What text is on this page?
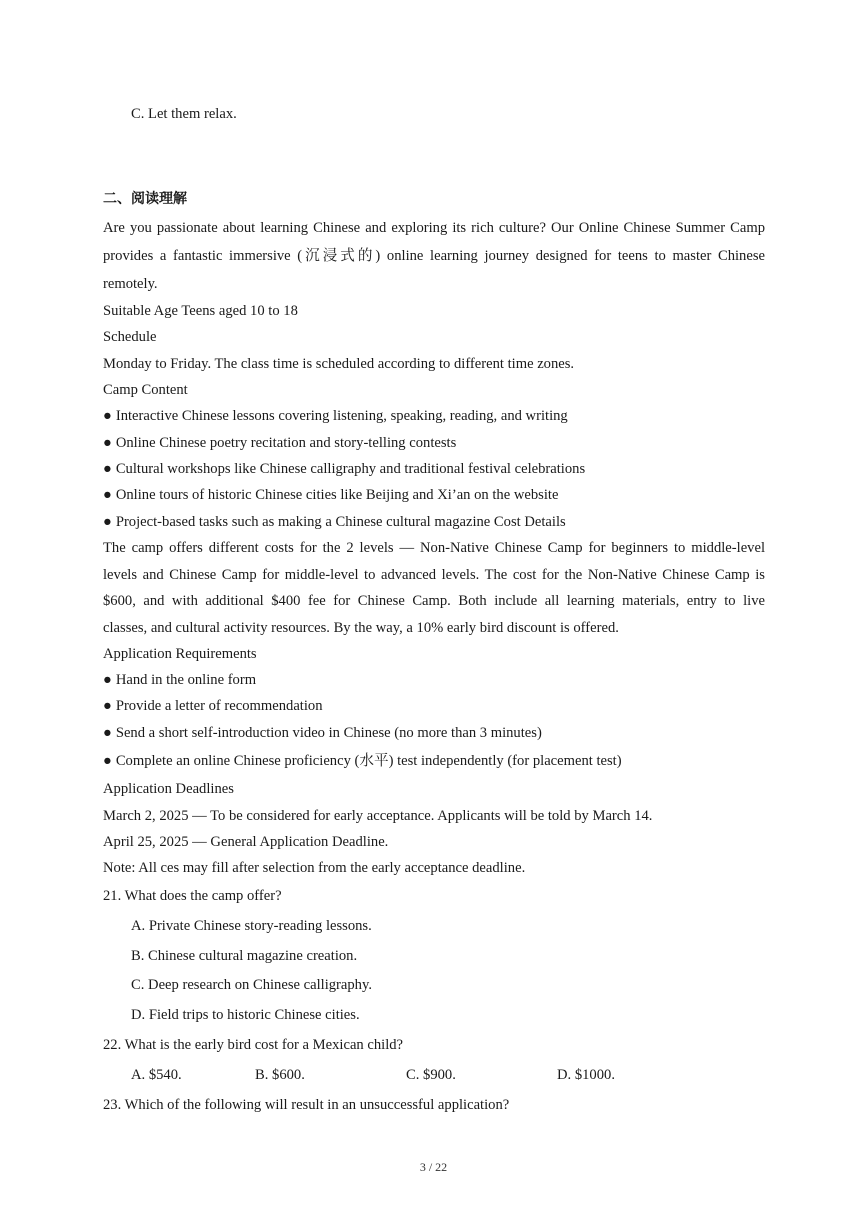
C. Let them relax.
二、阅读理解
Are you passionate about learning Chinese and exploring its rich culture? Our Online Chinese Summer Camp
provides a fantastic immersive (沉浸式的) online learning journey designed for teens to master Chinese
remotely.
Suitable Age Teens aged 10 to 18
Schedule
Monday to Friday. The class time is scheduled according to different time zones.
Camp Content
● Interactive Chinese lessons covering listening, speaking, reading, and writing
● Online Chinese poetry recitation and story-telling contests
● Cultural workshops like Chinese calligraphy and traditional festival celebrations
● Online tours of historic Chinese cities like Beijing and Xi’an on the website
● Project-based tasks such as making a Chinese cultural magazine Cost Details
The camp offers different costs for the 2 levels — Non-Native Chinese Camp for beginners to middle-level
levels and Chinese Camp for middle-level to advanced levels. The cost for the Non-Native Chinese Camp is
$600, and with additional $400 fee for Chinese Camp. Both include all learning materials, entry to live
classes, and cultural activity resources. By the way, a 10% early bird discount is offered.
Application Requirements
● Hand in the online form
● Provide a letter of recommendation
● Send a short self-introduction video in Chinese (no more than 3 minutes)
● Complete an online Chinese proficiency (水平) test independently (for placement test)
Application Deadlines
March 2, 2025 — To be considered for early acceptance. Applicants will be told by March 14.
April 25, 2025 — General Application Deadline.
Note: All ces may fill after selection from the early acceptance deadline.
21. What does the camp offer?
A. Private Chinese story-reading lessons.
B. Chinese cultural magazine creation.
C. Deep research on Chinese calligraphy.
D. Field trips to historic Chinese cities.
22. What is the early bird cost for a Mexican child?
A. $540.	B. $600.	C. $900.	D. $1000.
23. Which of the following will result in an unsuccessful application?
3 / 22
